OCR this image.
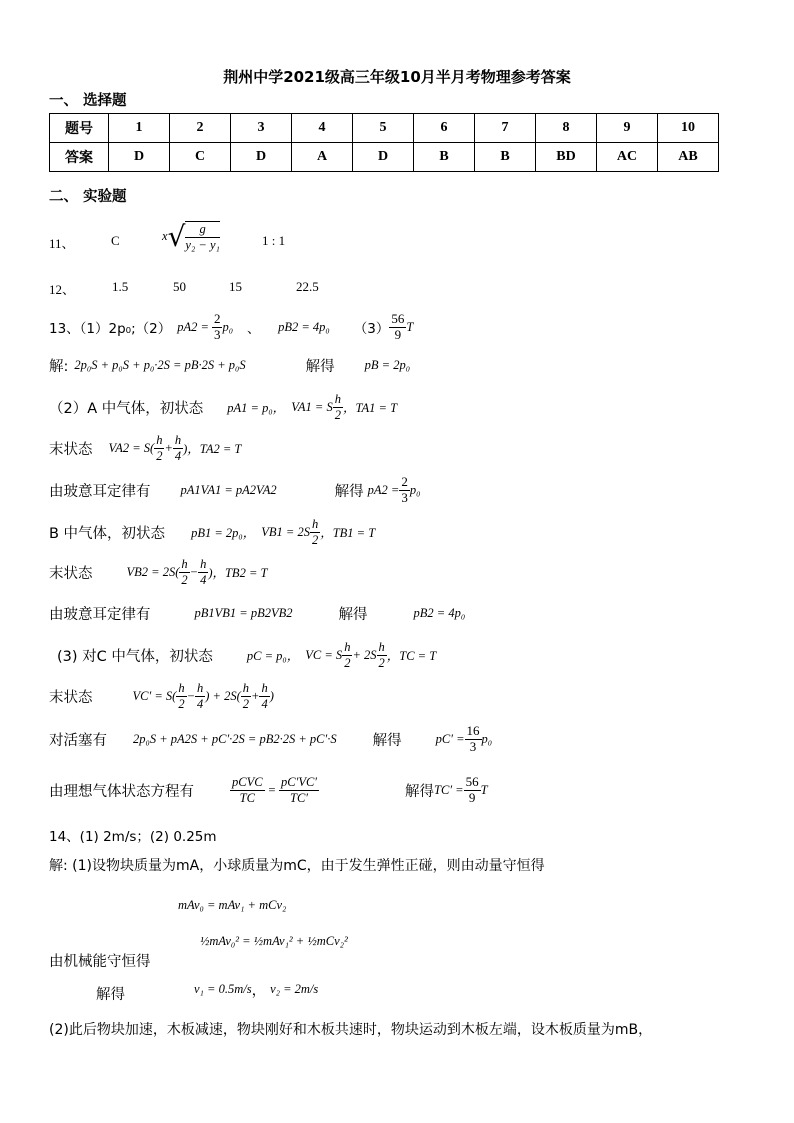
荆州中学2021级高三年级10月半月考物理参考答案
一、 选择题
题号	1	2	3	4	5	6	7	8	9	10
答案	D	C	D	A	D	B	B	BD	AC	AB
二、 实验题
11、	C	$x√ \frac{g}{\text{y₂ − y₁}}$	1 : 1
12、	1.5	50	15	22.5
13、（1）2p₀;（2） $pA2 = \frac{2}{3} p_0$ 、 pB2 = 4p₀ $(3) \frac{56}{9}$ T
解: 2p₀S + p₀S + p₀·2S = pB·2S + p₀S	解得 pB = 2p₀
（2）A 中气体，初状态 pA1 = p₀， VA1 = S $\frac{h}{2}$ ，TA1 = T
末状态 $VA2 = S( \frac{h}{2} + \frac{h}{4}$ )，TA2 = T
由玻意耳定律有 pA1VA1 = pA2VA2	解得 $pA2 = \frac{2}{3} p_0$
B 中气体，初状态 pB1 = 2p₀， $VB1 = 2S \frac{h}{2}$ ，TB1 = T
末状态	$VB2 = 2S( \frac{h}{2} - \frac{h}{4}$ )，TB2 = T
由玻意耳定律有	pB1VB1 = pB2VB2	解得	pB2 = 4p₀
(3) 对C 中气体，初状态	pC = p₀， VC = S $\frac{h}{2} + 2S \frac{h}{2}$ ，TC = T
末状态	$VC' = S( \frac{h}{2} - \frac{h}{4}$ ) + $2S( \frac{h}{2} + \frac{h}{4}$ )
对活塞有 2p₀S + pA2S + pC′·2S = pB2·2S + pC′·S 解得	$pC' = \frac{16}{3} p_0$
由理想气体状态方程有	$\frac{\text{pCVC}}{TC} = \frac{pC'VC'}{TC'}$	解得 $TC' = \frac{56}{9}$ T
14、(1) 2m/s；(2) 0.25m
解: (1)设物块质量为mA，小球质量为mC，由于发生弹性正碰，则由动量守恒得
mAv₀ = mAv₁ + mCv₂
由机械能守恒得
½mAv₀² = ½mAv₁² + ½mCv₂²
解得	v₁ = 0.5m/s ， v₂ = 2m/s
(2)此后物块加速，木板减速，物块刚好和木板共速时，物块运动到木板左端，设木板质量为mB，
